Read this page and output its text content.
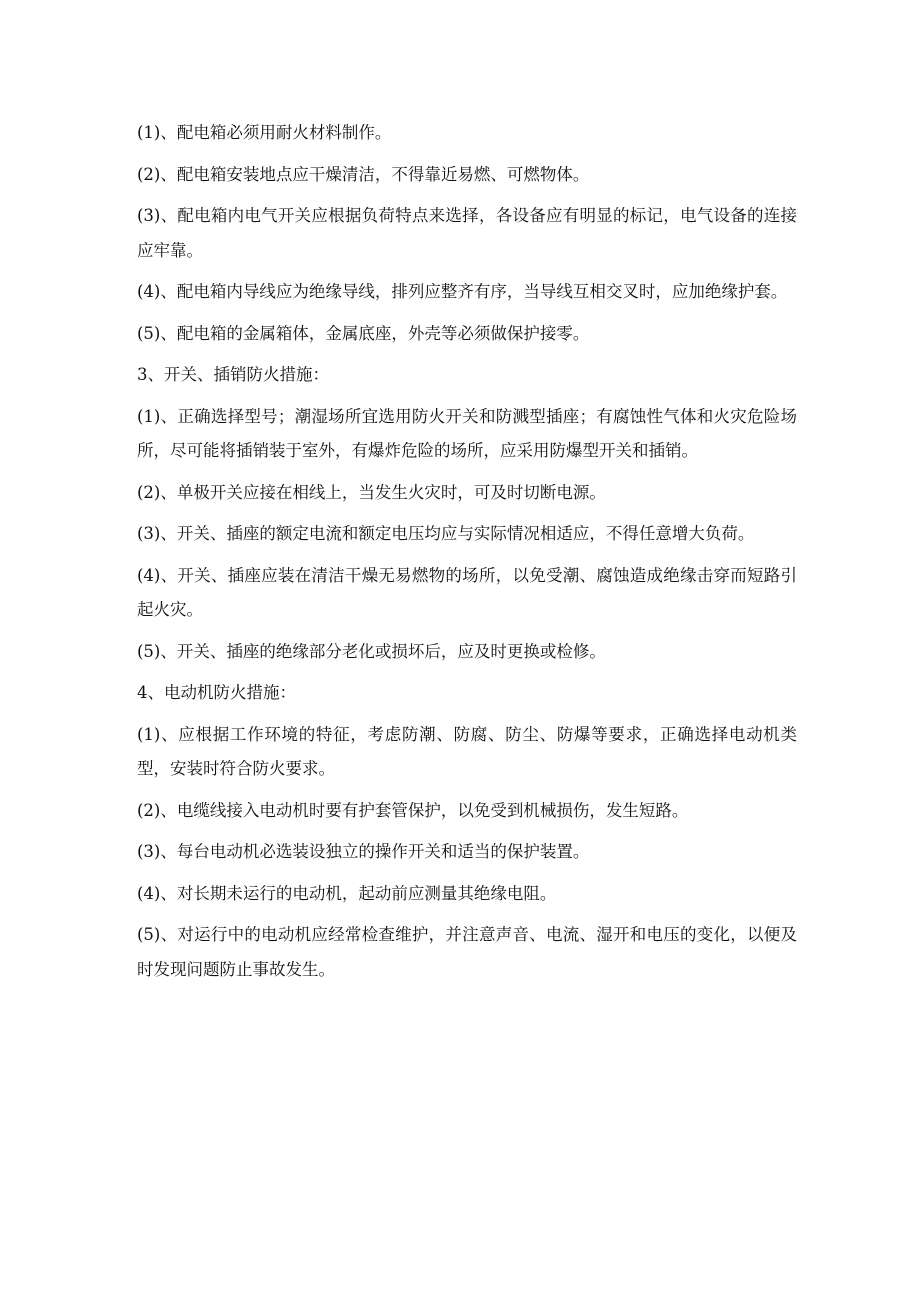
(1)、配电箱必须用耐火材料制作。

(2)、配电箱安装地点应干燥清洁，不得靠近易燃、可燃物体。

(3)、配电箱内电气开关应根据负荷特点来选择，各设备应有明显的标记，电气设备的连接应牢靠。

(4)、配电箱内导线应为绝缘导线，排列应整齐有序，当导线互相交叉时，应加绝缘护套。

(5)、配电箱的金属箱体，金属底座，外壳等必须做保护接零。

3、开关、插销防火措施：

(1)、正确选择型号；潮湿场所宜选用防火开关和防溅型插座；有腐蚀性气体和火灾危险场所，尽可能将插销装于室外，有爆炸危险的场所，应采用防爆型开关和插销。

(2)、单极开关应接在相线上，当发生火灾时，可及时切断电源。

(3)、开关、插座的额定电流和额定电压均应与实际情况相适应，不得任意增大负荷。

(4)、开关、插座应装在清洁干燥无易燃物的场所，以免受潮、腐蚀造成绝缘击穿而短路引起火灾。

(5)、开关、插座的绝缘部分老化或损坏后，应及时更换或检修。

4、电动机防火措施：

(1)、应根据工作环境的特征，考虑防潮、防腐、防尘、防爆等要求，正确选择电动机类型，安装时符合防火要求。

(2)、电缆线接入电动机时要有护套管保护，以免受到机械损伤，发生短路。

(3)、每台电动机必选装设独立的操作开关和适当的保护装置。

(4)、对长期未运行的电动机，起动前应测量其绝缘电阻。

(5)、对运行中的电动机应经常检查维护，并注意声音、电流、湿开和电压的变化，以便及时发现问题防止事故发生。
